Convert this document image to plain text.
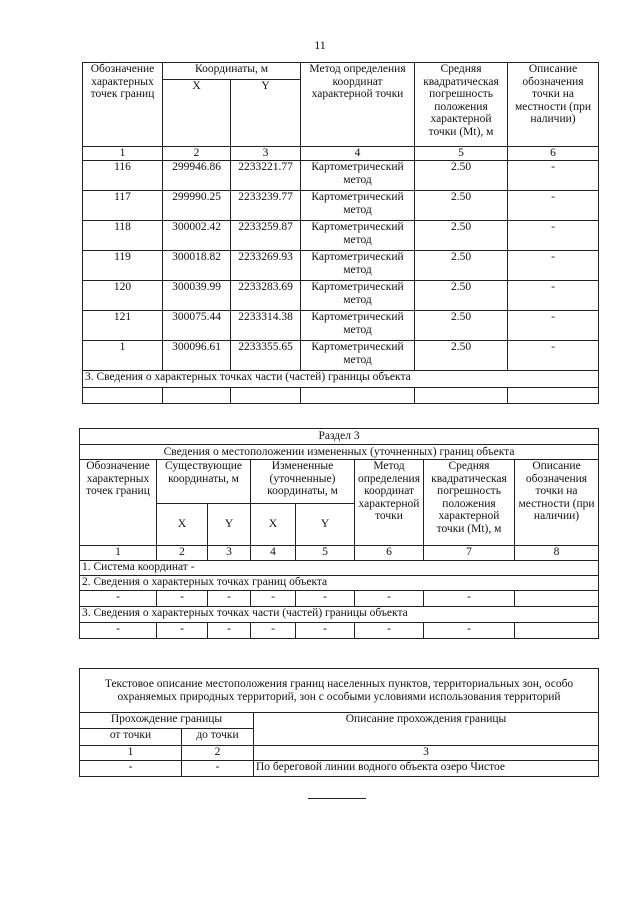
11
Обозначение характерных точек границ	Координаты, м		Метод определения координат характерной точки	Средняя квадратическая погрешность положения характерной точки (Mt), м	Описание обозначения точки на местности (при наличии)
	X	Y			
1	2	3	4	5	6
116	299946.86	2233221.77	Картометрический метод	2.50	-
117	299990.25	2233239.77	Картометрический метод	2.50	-
118	300002.42	2233259.87	Картометрический метод	2.50	-
119	300018.82	2233269.93	Картометрический метод	2.50	-
120	300039.99	2233283.69	Картометрический метод	2.50	-
121	300075.44	2233314.38	Картометрический метод	2.50	-
1	300096.61	2233355.65	Картометрический метод	2.50	-
3. Сведения о характерных точках части (частей) границы объекта					

Раздел 3							
Сведения о местоположении измененных (уточненных) границ объекта							
Обозначение характерных точек границ	Существующие координаты, м		Измененные (уточненные) координаты, м		Метод определения координат характерной точки	Средняя квадратическая погрешность положения характерной точки (Mt), м	Описание обозначения точки на местности (при наличии)
	X	Y	X	Y			
1	2	3	4	5	6	7	8
1. Система координат -							
2. Сведения о характерных точках границ объекта							
-	-	-	-	-	-	-	
3. Сведения о характерных точках части (частей) границы объекта							
-	-	-	-	-	-	-	
Текстовое описание местоположения границ населенных пунктов, территориальных зон, особо охраняемых природных территорий, зон с особыми условиями использования территорий		
Прохождение границы		Описание прохождения границы
от точки	до точки	
1	2	3
-	-	По береговой линии водного объекта озеро Чистое
